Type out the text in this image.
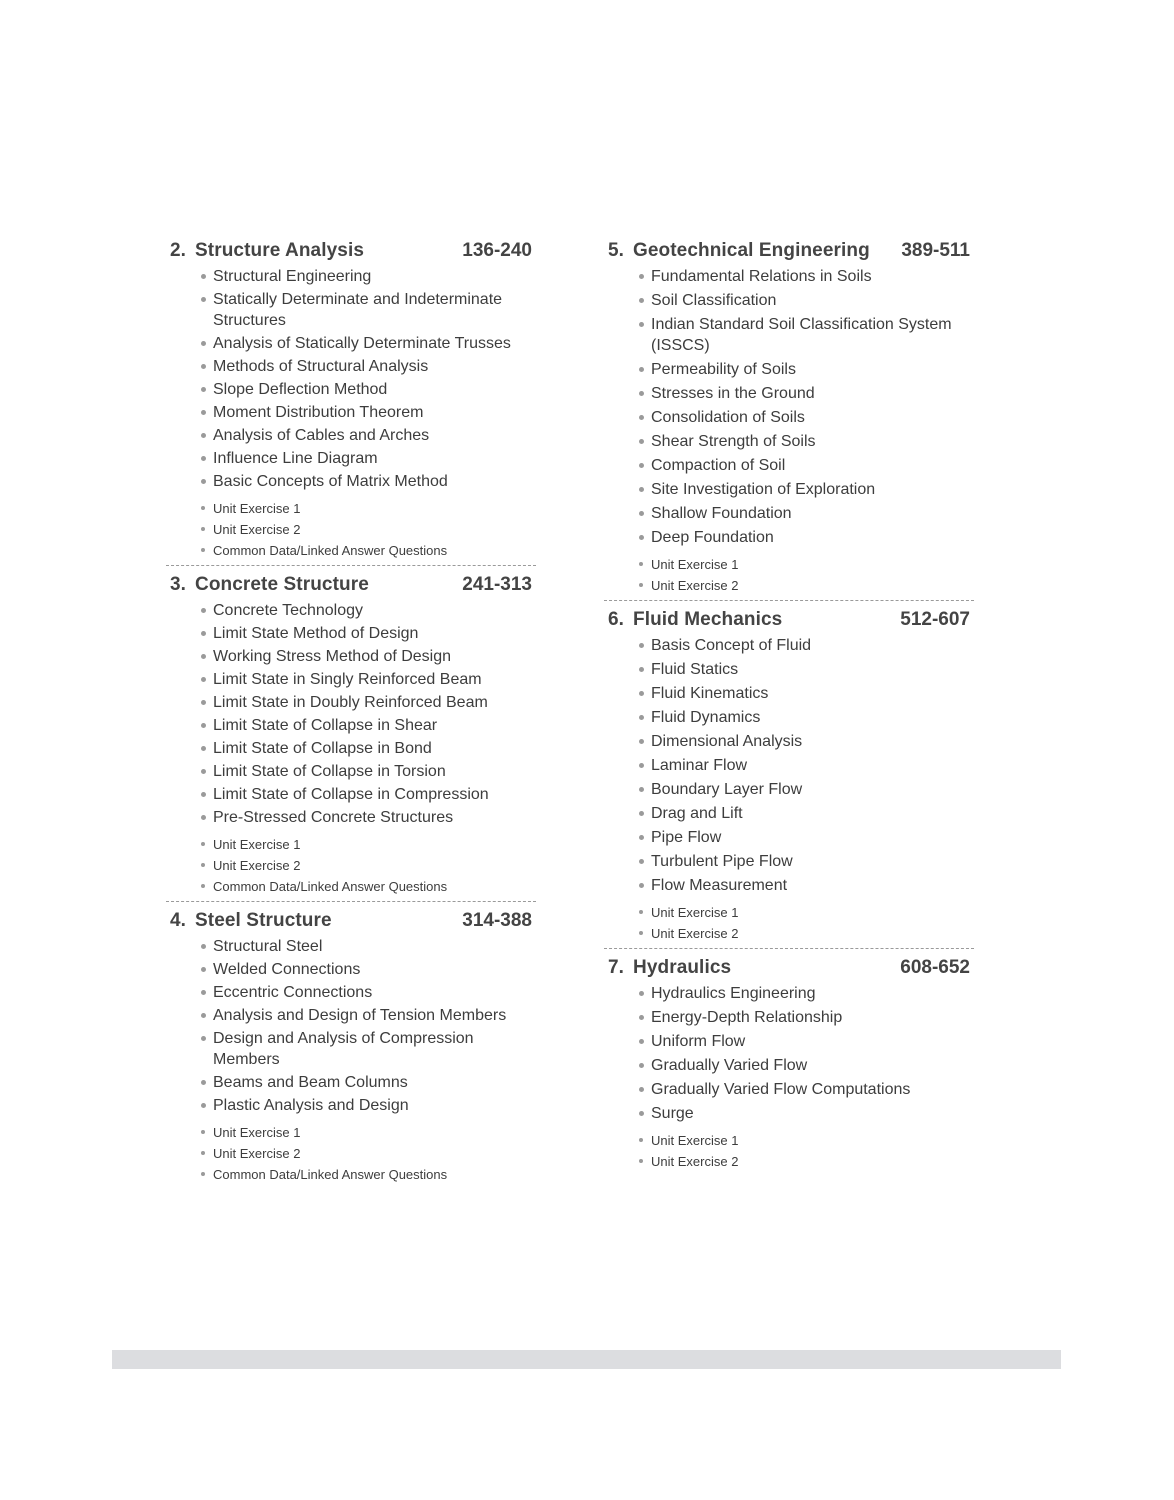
2. Structure Analysis	136-240
Structural Engineering
Statically Determinate and Indeterminate Structures
Analysis of Statically Determinate Trusses
Methods of Structural Analysis
Slope Deflection Method
Moment Distribution Theorem
Analysis of Cables and Arches
Influence Line Diagram
Basic Concepts of Matrix Method
Unit Exercise 1
Unit Exercise 2
Common Data/Linked Answer Questions
3. Concrete Structure	241-313
Concrete Technology
Limit State Method of Design
Working Stress Method of Design
Limit State in Singly Reinforced Beam
Limit State in Doubly Reinforced Beam
Limit State of Collapse in Shear
Limit State of Collapse in Bond
Limit State of Collapse in Torsion
Limit State of Collapse in Compression
Pre-Stressed Concrete Structures
Unit Exercise 1
Unit Exercise 2
Common Data/Linked Answer Questions
4. Steel Structure	314-388
Structural Steel
Welded Connections
Eccentric Connections
Analysis and Design of Tension Members
Design and Analysis of Compression Members
Beams and Beam Columns
Plastic Analysis and Design
Unit Exercise 1
Unit Exercise 2
Common Data/Linked Answer Questions
5. Geotechnical Engineering 389-511
Fundamental Relations in Soils
Soil Classification
Indian Standard Soil Classification System (ISSCS)
Permeability of Soils
Stresses in the Ground
Consolidation of Soils
Shear Strength of Soils
Compaction of Soil
Site Investigation of Exploration
Shallow Foundation
Deep Foundation
Unit Exercise 1
Unit Exercise 2
6. Fluid Mechanics	512-607
Basis Concept of Fluid
Fluid Statics
Fluid Kinematics
Fluid Dynamics
Dimensional Analysis
Laminar Flow
Boundary Layer Flow
Drag and Lift
Pipe Flow
Turbulent Pipe Flow
Flow Measurement
Unit Exercise 1
Unit Exercise 2
7. Hydraulics	608-652
Hydraulics Engineering
Energy-Depth Relationship
Uniform Flow
Gradually Varied Flow
Gradually Varied Flow Computations
Surge
Unit Exercise 1
Unit Exercise 2
